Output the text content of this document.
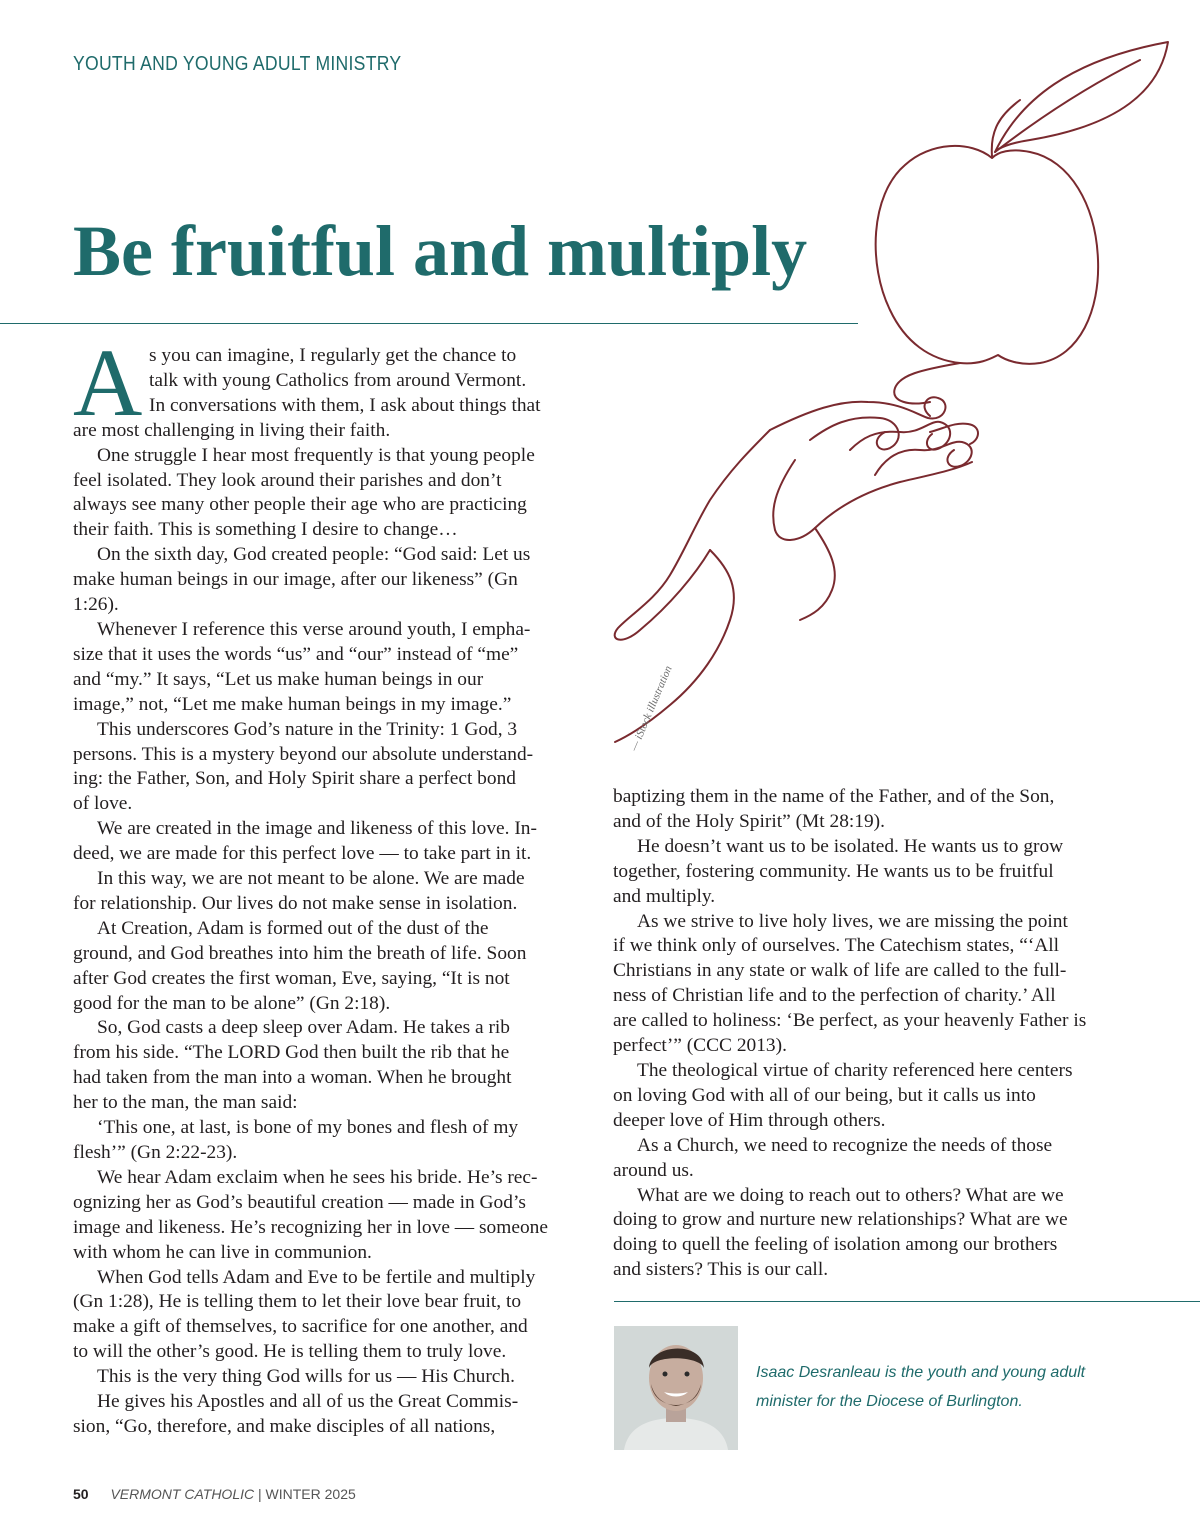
YOUTH AND YOUNG ADULT MINISTRY
Be fruitful and multiply
— iStock illustration
A s you can imagine, I regularly get the chance to

talk with young Catholics from around Vermont.

In conversations with them, I ask about things that

are most challenging in living their faith.

One struggle I hear most frequently is that young people

feel isolated. They look around their parishes and don’t

always see many other people their age who are practicing

their faith. This is something I desire to change…

On the sixth day, God created people: “God said: Let us

make human beings in our image, after our likeness” (Gn

1:26).

Whenever I reference this verse around youth, I empha-

size that it uses the words “us” and “our” instead of “me”

and “my.” It says, “Let us make human beings in our

image,” not, “Let me make human beings in my image.”

This underscores God’s nature in the Trinity: 1 God, 3

persons. This is a mystery beyond our absolute understand-

ing: the Father, Son, and Holy Spirit share a perfect bond

of love.

We are created in the image and likeness of this love. In-

deed, we are made for this perfect love — to take part in it.

In this way, we are not meant to be alone. We are made

for relationship. Our lives do not make sense in isolation.

At Creation, Adam is formed out of the dust of the

ground, and God breathes into him the breath of life. Soon

after God creates the first woman, Eve, saying, “It is not

good for the man to be alone” (Gn 2:18).

So, God casts a deep sleep over Adam. He takes a rib

from his side. “The LORD God then built the rib that he

had taken from the man into a woman. When he brought

her to the man, the man said:

‘This one, at last, is bone of my bones and flesh of my

flesh’” (Gn 2:22-23).

We hear Adam exclaim when he sees his bride. He’s rec-

ognizing her as God’s beautiful creation — made in God’s

image and likeness. He’s recognizing her in love — someone

with whom he can live in communion.

When God tells Adam and Eve to be fertile and multiply

(Gn 1:28), He is telling them to let their love bear fruit, to

make a gift of themselves, to sacrifice for one another, and

to will the other’s good. He is telling them to truly love.

This is the very thing God wills for us — His Church.

He gives his Apostles and all of us the Great Commis-

sion, “Go, therefore, and make disciples of all nations,

baptizing them in the name of the Father, and of the Son,

and of the Holy Spirit” (Mt 28:19).

He doesn’t want us to be isolated. He wants us to grow

together, fostering community. He wants us to be fruitful

and multiply.

As we strive to live holy lives, we are missing the point

if we think only of ourselves. The Catechism states, “‘All

Christians in any state or walk of life are called to the full-

ness of Christian life and to the perfection of charity.’ All

are called to holiness: ‘Be perfect, as your heavenly Father is

perfect’” (CCC 2013).

The theological virtue of charity referenced here centers

on loving God with all of our being, but it calls us into

deeper love of Him through others.

As a Church, we need to recognize the needs of those

around us.

What are we doing to reach out to others? What are we

doing to grow and nurture new relationships? What are we

doing to quell the feeling of isolation among our brothers

and sisters? This is our call.

Isaac Desranleau is the youth and young adult
minister for the Diocese of Burlington.
50 VERMONT CATHOLIC | WINTER 2025
